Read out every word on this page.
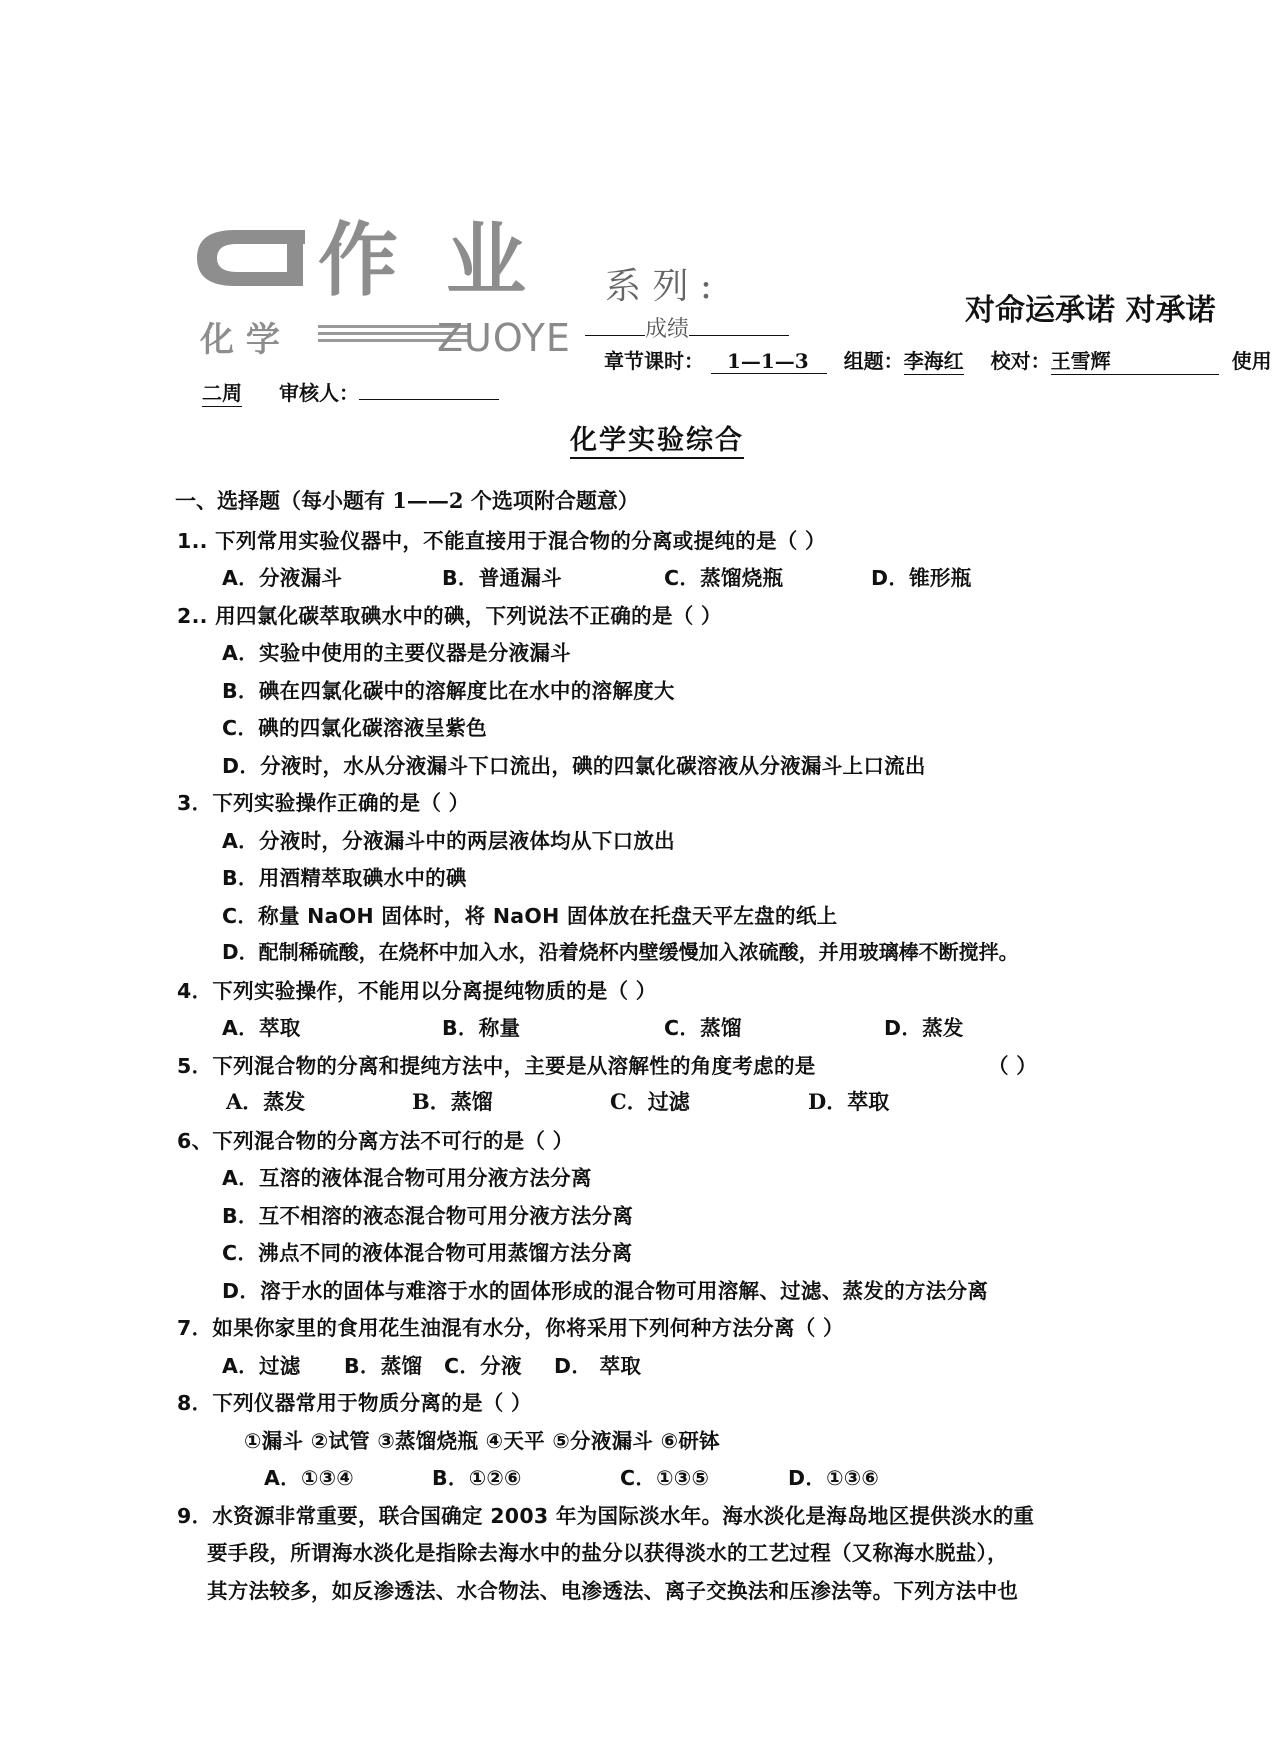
作 业
化 学	ZUOYE
系 列 :
对命运承诺 对承诺
成绩
章节课时： 1—1—3 组题：李海红 校对：王雪辉	使用
二周 审核人：
化学实验综合
一、选择题（每小题有 1——2 个选项附合题意）
1.. 下列常用实验仪器中，不能直接用于混合物的分离或提纯的是（ ）
A．分液漏斗	B．普通漏斗	C．蒸馏烧瓶	D．锥形瓶
2.. 用四氯化碳萃取碘水中的碘，下列说法不正确的是（ ）
A．实验中使用的主要仪器是分液漏斗
B．碘在四氯化碳中的溶解度比在水中的溶解度大
C．碘的四氯化碳溶液呈紫色
D．分液时，水从分液漏斗下口流出，碘的四氯化碳溶液从分液漏斗上口流出
3．下列实验操作正确的是（ ）
A．分液时，分液漏斗中的两层液体均从下口放出
B．用酒精萃取碘水中的碘
C．称量 NaOH 固体时，将 NaOH 固体放在托盘天平左盘的纸上
D．配制稀硫酸，在烧杯中加入水，沿着烧杯内壁缓慢加入浓硫酸，并用玻璃棒不断搅拌。
4．下列实验操作，不能用以分离提纯物质的是（ ）
A．萃取	B．称量	C．蒸馏	D．蒸发
5．下列混合物的分离和提纯方法中，主要是从溶解性的角度考虑的是	（ ）
A．蒸发	B．蒸馏	C．过滤	D．萃取
6、下列混合物的分离方法不可行的是（ ）
A．互溶的液体混合物可用分液方法分离
B．互不相溶的液态混合物可用分液方法分离
C．沸点不同的液体混合物可用蒸馏方法分离
D．溶于水的固体与难溶于水的固体形成的混合物可用溶解、过滤、蒸发的方法分离
7．如果你家里的食用花生油混有水分，你将采用下列何种方法分离（ ）
A．过滤 B．蒸馏 C．分液 D． 萃取
8．下列仪器常用于物质分离的是（ ）
①漏斗 ②试管 ③蒸馏烧瓶 ④天平 ⑤分液漏斗 ⑥研钵
A．①③④	B．①②⑥	C．①③⑤	D．①③⑥
9．水资源非常重要，联合国确定 2003 年为国际淡水年。海水淡化是海岛地区提供淡水的重
要手段，所谓海水淡化是指除去海水中的盐分以获得淡水的工艺过程（又称海水脱盐），
其方法较多，如反渗透法、水合物法、电渗透法、离子交换法和压渗法等。下列方法中也
